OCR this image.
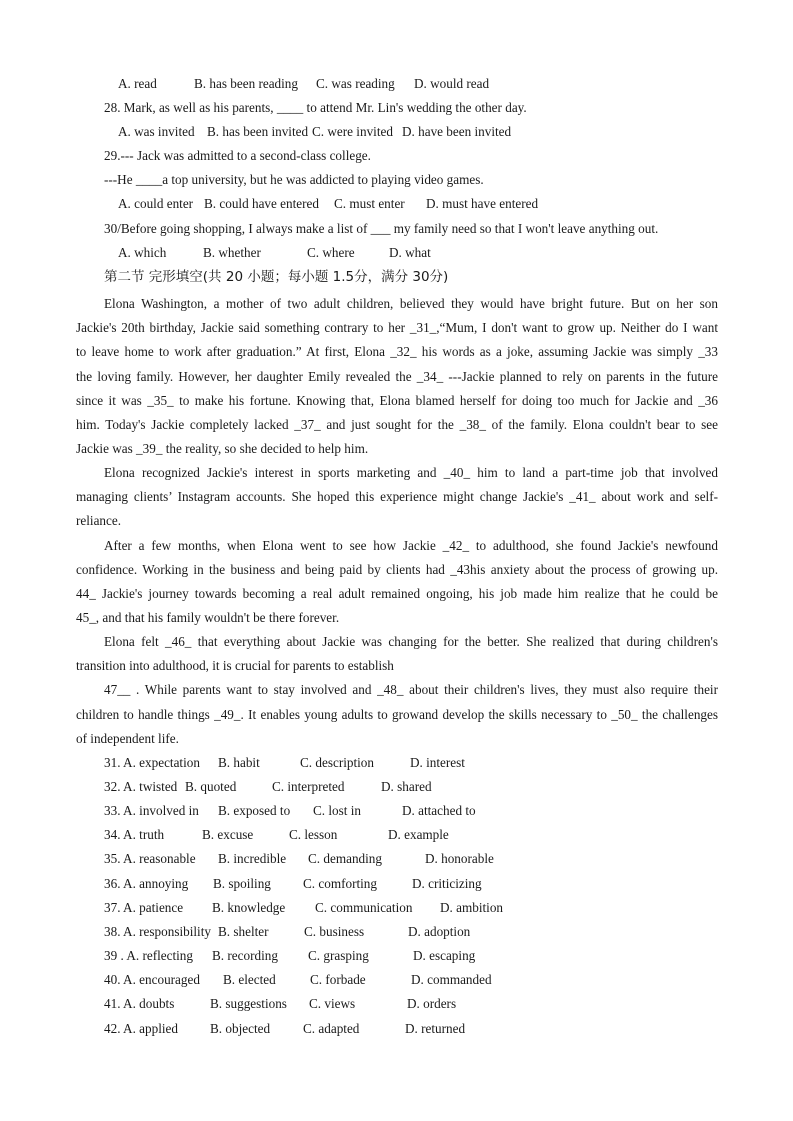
A. read	B. has been reading C. was reading D. would read
28. Mark, as well as his parents, ____ to attend Mr. Lin's wedding the other day.
A. was invited B. has been invited C. were invited D. have been invited
29.--- Jack was admitted to a second-class college.
---He ____a top university, but he was addicted to playing video games.
A. could enter B. could have entered C. must enter D. must have entered
30/Before going shopping, I always make a list of ___ my family need so that I won't leave anything out.
A. which	B. whether	C. where	D. what
第二节 完形填空(共 20 小题；每小题 1.5分，满分 30分)
Elona Washington, a mother of two adult children, believed they would have bright future. But on her son
Jackie's 20th birthday, Jackie said something contrary to her _31_,“Mum, I don't want to grow up. Neither do I want
to leave home to work after graduation.” At first, Elona _32_ his words as a joke, assuming Jackie was simply _33
the loving family. However, her daughter Emily revealed the _34_ ---Jackie planned to rely on parents in the future
since it was _35_ to make his fortune. Knowing that, Elona blamed herself for doing too much for Jackie and _36
him. Today's Jackie completely lacked _37_ and just sought for the _38_ of the family. Elona couldn't bear to see
Jackie was _39_ the reality, so she decided to help him.
Elona recognized Jackie's interest in sports marketing and _40_ him to land a part-time job that involved
managing clients’ Instagram accounts. She hoped this experience might change Jackie's _41_ about work and self-
reliance.
After a few months, when Elona went to see how Jackie _42_ to adulthood, she found Jackie's newfound
confidence. Working in the business and being paid by clients had _43his anxiety about the process of growing up.
44_ Jackie's journey towards becoming a real adult remained ongoing, his job made him realize that he could be
45_, and that his family wouldn't be there forever.
Elona felt _46_ that everything about Jackie was changing for the better. She realized that during children's
transition into adulthood, it is crucial for parents to establish
47__ . While parents want to stay involved and _48_ about their children's lives, they must also require their
children to handle things _49_. It enables young adults to growand develop the skills necessary to _50_ the challenges
of independent life.
31. A. expectation B. habit	C. description	D. interest
32. A. twisted B. quoted	C. interpreted	D. shared
33. A. involved in B. exposed to C. lost in	D. attached to
34. A. truth	B. excuse	C. lesson	D. example
35. A. reasonable B. incredible C. demanding	D. honorable
36. A. annoying B. spoiling C. comforting	D. criticizing
37. A. patience B. knowledge C. communication D. ambition
38. A. responsibility B. shelter	C. business	D. adoption
39 . A. reflecting B. recording C. grasping	D. escaping
40. A. encouraged B. elected	C. forbade	D. commanded
41. A. doubts	B. suggestions C. views	D. orders
42. A. applied B. objected C. adapted	D. returned
